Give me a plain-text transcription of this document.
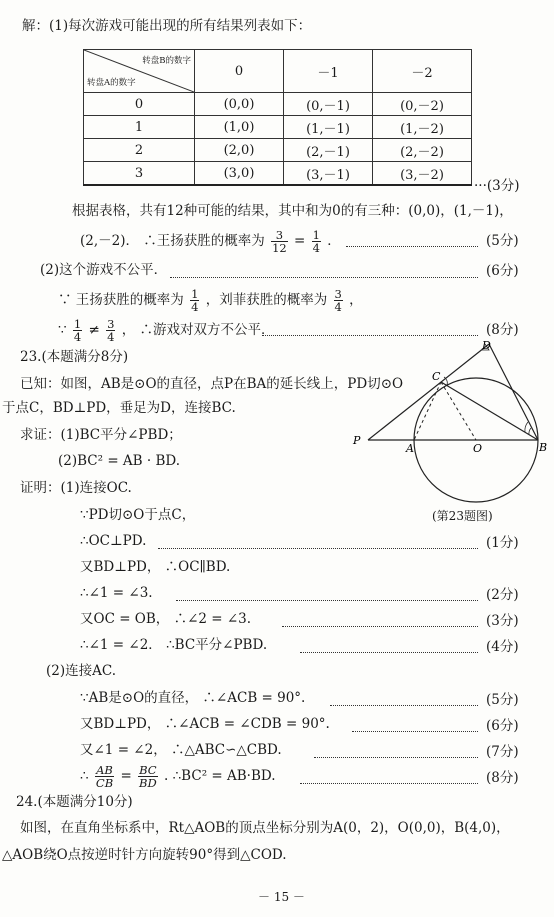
解：(1)每次游戏可能出现的所有结果列表如下：
转盘B的数字
转盘A的数字	0	－1	－2
0	(0,0)	(0,－1)	(0,－2)
1	(1,0)	(1,－1)	(1,－2)
2	(2,0)	(2,－1)	(2,－2)
3	(3,0)	(3,－1)	(3,－2)
···(3分)
根据表格，共有12种可能的结果，其中和为0的有三种：(0,0)，(1,－1)，
(2,－2)． ∴王扬获胜的概率为 $\frac{3}{12} = \frac{1}{4}$ ．	(5分)
(2)这个游戏不公平．	(6分)
∵ 王扬获胜的概率为 $\frac{1}{4}$ ，刘菲获胜的概率为 $\frac{3}{4}$ ，
∵ $\frac{1}{4} \ne \frac{3}{4}$ ， ∴游戏对双方不公平．	(8分)
23.(本题满分8分)
已知：如图，AB是⊙O的直径，点P在BA的延长线上，PD切⊙O
于点C，BD⊥PD，垂足为D，连接BC.
求证：(1)BC平分∠PBD；
(2)BC² = AB · BD.
证明：(1)连接OC.
∵PD切⊙O于点C，
∴OC⊥PD.	(1分)
又BD⊥PD， ∴OC∥BD.
∴∠1 = ∠3.	(2分)
又OC = OB， ∴∠2 = ∠3.	(3分)
∴∠1 = ∠2． ∴BC平分∠PBD.	(4分)
(2)连接AC.
∵AB是⊙O的直径， ∴∠ACB = 90°.	(5分)
又BD⊥PD， ∴∠ACB = ∠CDB = 90°.	(6分)
又∠1 = ∠2， ∴△ABC∽△CBD.	(7分)
∴ $\frac{AB}{CB} = \frac{BC}{BD}$ . ∴BC² = AB·BD.	(8分)
D
C
P
A	O	B
(第23题图)
24.(本题满分10分)
如图，在直角坐标系中，Rt△AOB的顶点坐标分别为A(0，2)，O(0,0)，B(4,0)，
△AOB绕O点按逆时针方向旋转90°得到△COD.
－ 15 －
